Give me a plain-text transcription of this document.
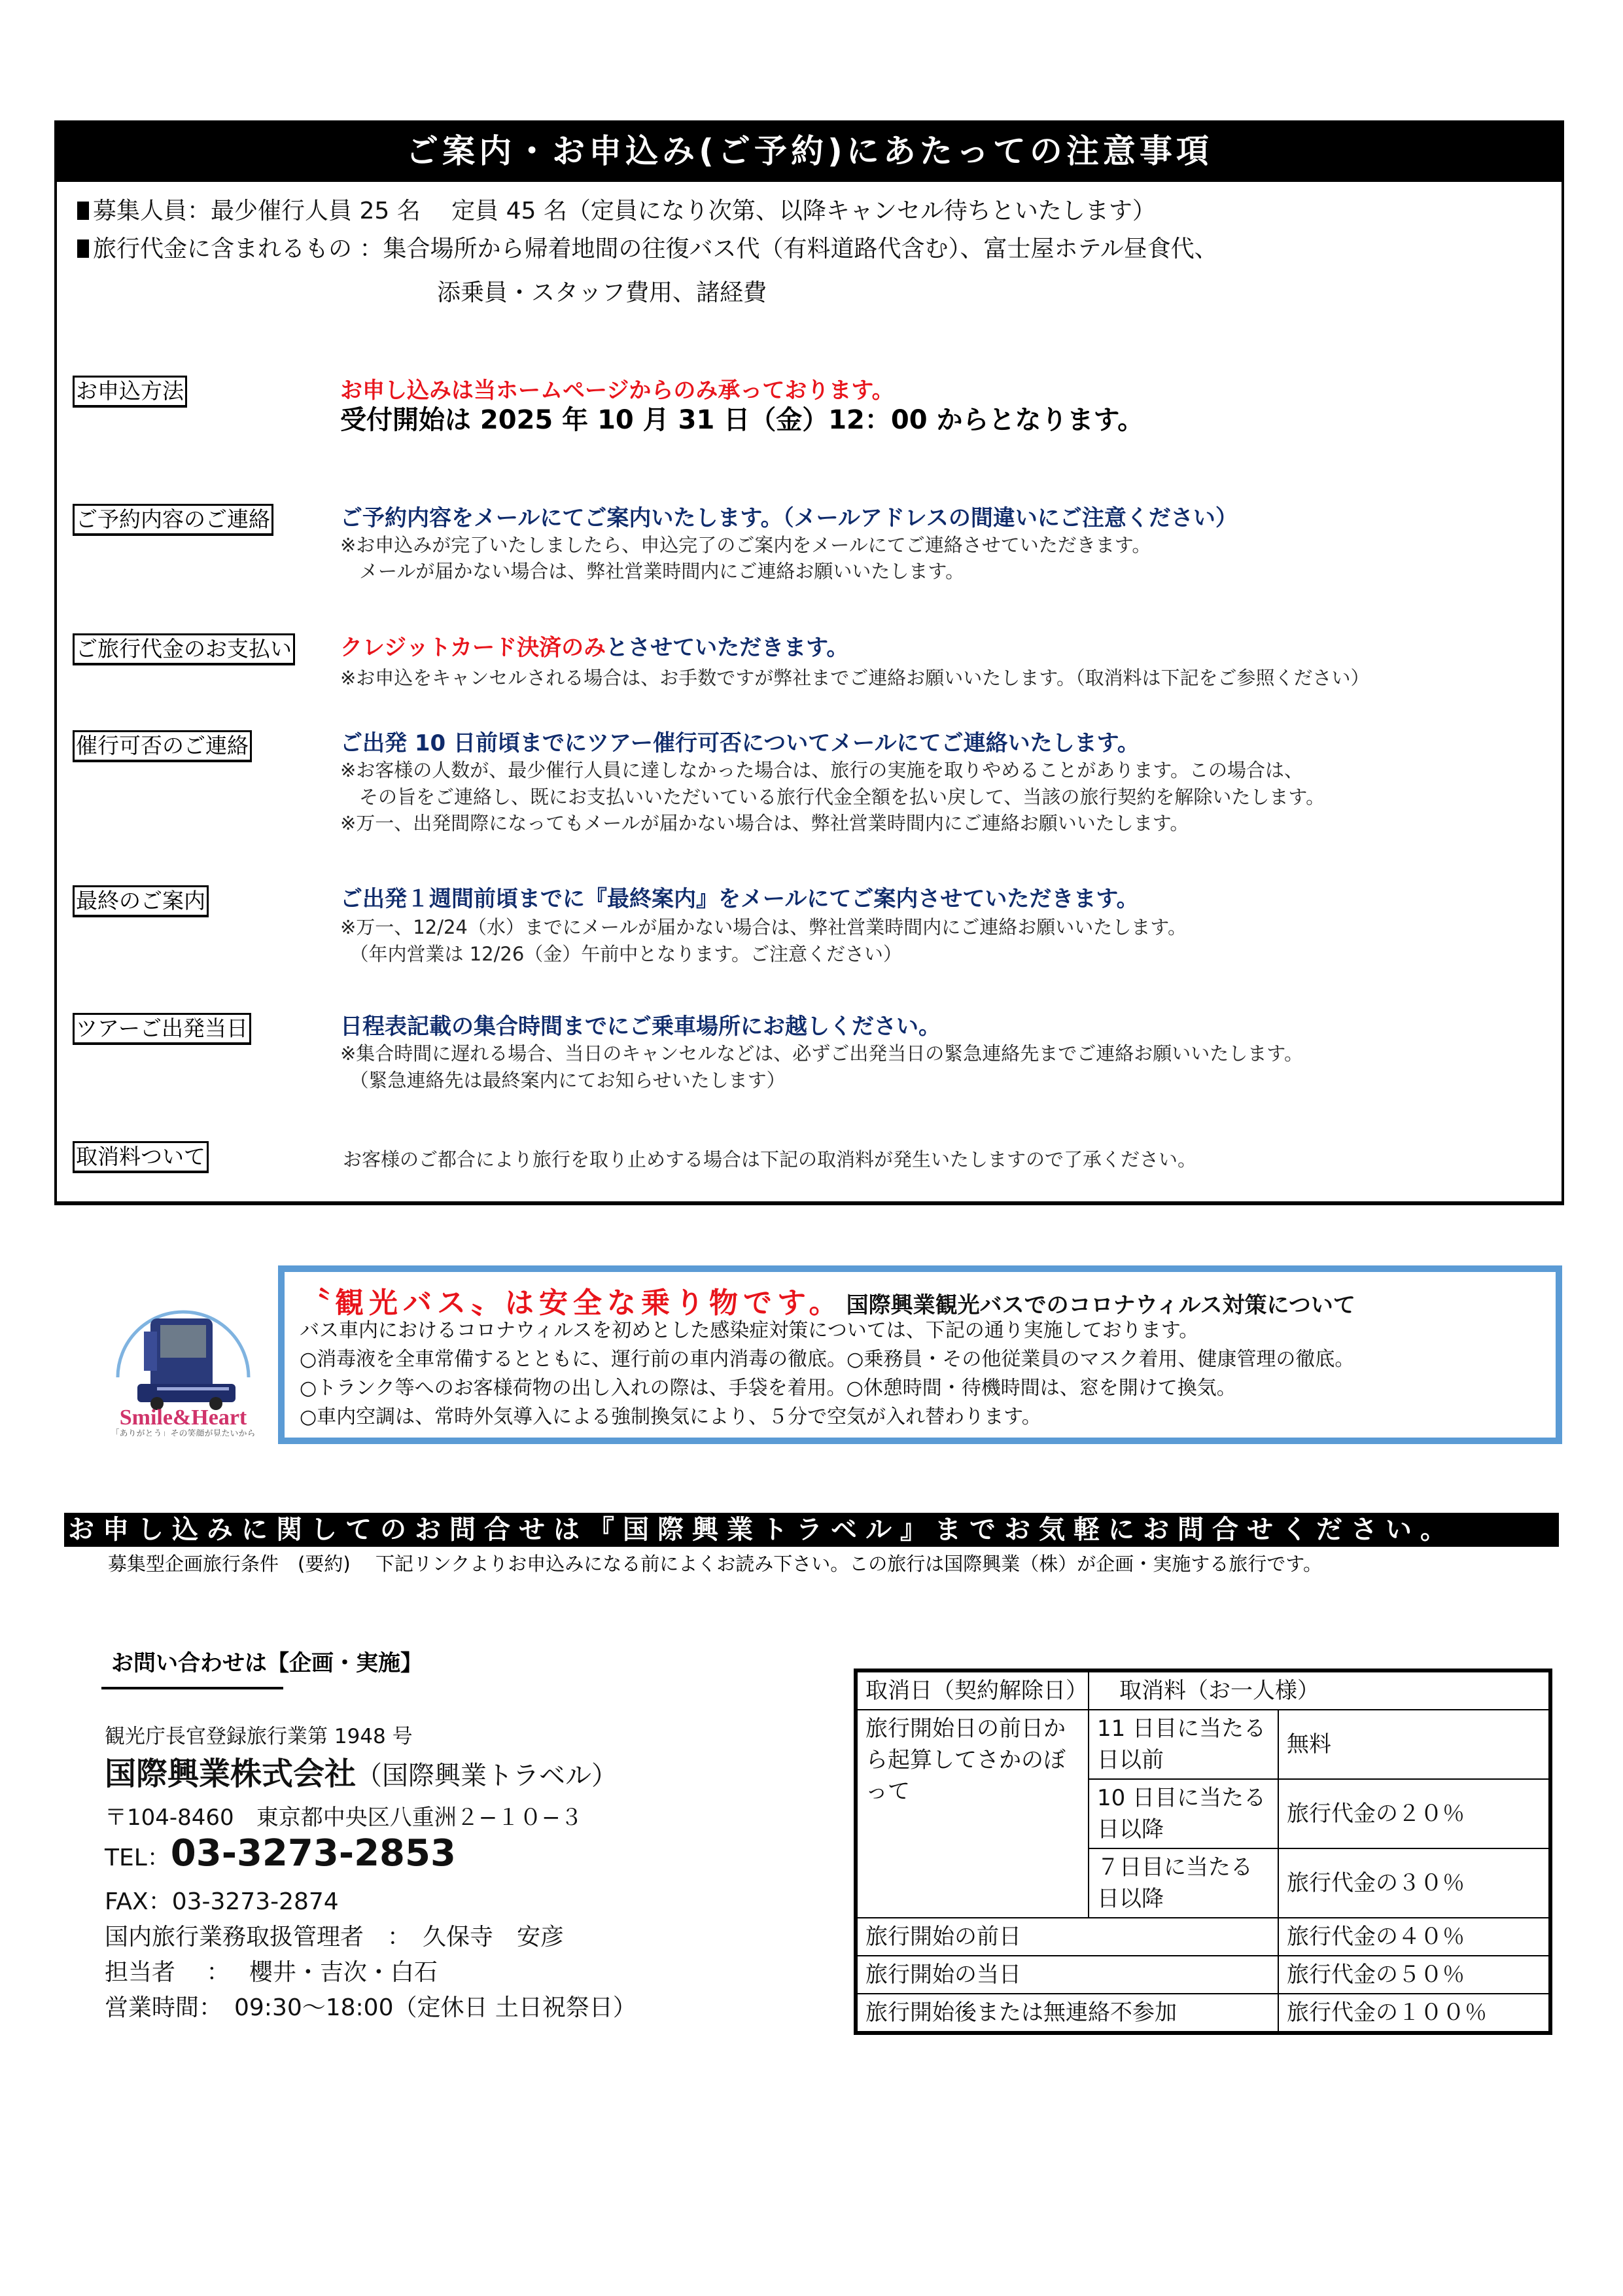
ご案内・お申込み(ご予約)にあたっての注意事項
募集人員：最少催行人員 25 名　 定員 45 名（定員になり次第、以降キャンセル待ちといたします）
旅行代金に含まれるもの ：集合場所から帰着地間の往復バス代（有料道路代含む）、富士屋ホテル昼食代、
添乗員・スタッフ費用、諸経費
お申込方法	お申し込みは当ホームページからのみ承っております。
受付開始は 2025 年 10 月 31 日（金）12：00 からとなります。
ご予約内容のご連絡	ご予約内容をメールにてご案内いたします。（メールアドレスの間違いにご注意ください）
※お申込みが完了いたしましたら、申込完了のご案内をメールにてご連絡させていただきます。
　メールが届かない場合は、弊社営業時間内にご連絡お願いいたします。
ご旅行代金のお支払い クレジットカード決済のみとさせていただきます。
※お申込をキャンセルされる場合は、お手数ですが弊社までご連絡お願いいたします。（取消料は下記をご参照ください）
催行可否のご連絡	ご出発 10 日前頃までにツアー催行可否についてメールにてご連絡いたします。
※お客様の人数が、最少催行人員に達しなかった場合は、旅行の実施を取りやめることがあります。この場合は、
　その旨をご連絡し、既にお支払いいただいている旅行代金全額を払い戻して、当該の旅行契約を解除いたします。
※万一、出発間際になってもメールが届かない場合は、弊社営業時間内にご連絡お願いいたします。
最終のご案内	ご出発１週間前頃までに『最終案内』をメールにてご案内させていただきます。
※万一、12/24（水）までにメールが届かない場合は、弊社営業時間内にご連絡お願いいたします。
　（年内営業は 12/26（金）午前中となります。ご注意ください）
ツアーご出発当日	日程表記載の集合時間までにご乗車場所にお越しください。
※集合時間に遅れる場合、当日のキャンセルなどは、必ずご出発当日の緊急連絡先までご連絡お願いいたします。
　（緊急連絡先は最終案内にてお知らせいたします）
取消料ついて	お客様のご都合により旅行を取り止めする場合は下記の取消料が発生いたしますので了承ください。
Smile&Heart
「ありがとう」その笑顔が見たいから
〝観光バス〟は安全な乗り物です。 国際興業観光バスでのコロナウィルス対策について
バス車内におけるコロナウィルスを初めとした感染症対策については、下記の通り実施しております。
○消毒液を全車常備するとともに、運行前の車内消毒の徹底。○乗務員・その他従業員のマスク着用、健康管理の徹底。
○トランク等へのお客様荷物の出し入れの際は、手袋を着用。○休憩時間・待機時間は、窓を開けて換気。
○車内空調は、常時外気導入による強制換気により、５分で空気が入れ替わります。
お申し込みに関してのお問合せは『国際興業トラベル』までお気軽にお問合せください。
募集型企画旅行条件　(要約)　 下記リンクよりお申込みになる前によくお読み下さい。この旅行は国際興業（株）が企画・実施する旅行です。
お問い合わせは【企画・実施】
観光庁長官登録旅行業第 1948 号
国際興業株式会社（国際興業トラベル）
〒104-8460　東京都中央区八重洲２−１０−３
TEL：03-3273-2853
FAX：03-3273-2874
国内旅行業務取扱管理者　：　久保寺　安彦
担当者　 ：　 櫻井・吉次・白石
営業時間：　09:30～18:00（定休日 土日祝祭日）
取消日（契約解除日）	　取消料（お一人様）	
旅行開始日の前日から起算してさかのぼって	11 日目に当たる日以前	無料
	10 日目に当たる日以降	旅行代金の２０％
	７日目に当たる日以降	旅行代金の３０％
旅行開始の前日		旅行代金の４０％
旅行開始の当日		旅行代金の５０％
旅行開始後または無連絡不参加		旅行代金の１００％
